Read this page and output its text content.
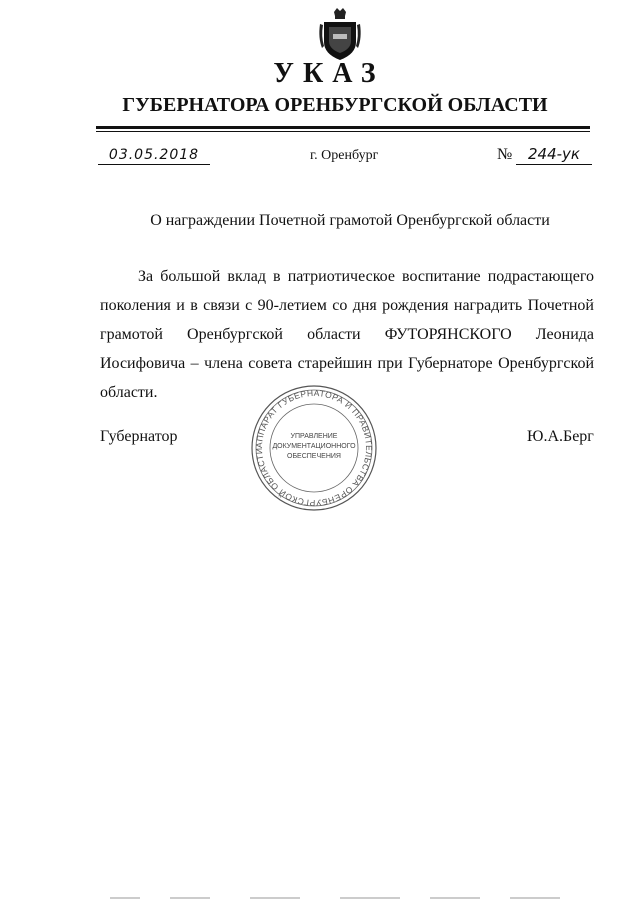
УКАЗ
ГУБЕРНАТОРА ОРЕНБУРГСКОЙ ОБЛАСТИ
03.05.2018	г. Оренбург	№	244-ук
О награждении Почетной грамотой Оренбургской области

За большой вклад в патриотическое воспитание подрастающего поколения и в связи с 90-летием со дня рождения наградить Почетной грамотой Оренбургской области ФУТОРЯНСКОГО Леонида Иосифовича – члена совета старейшин при Губернаторе Оренбургской области.

Губернатор	Ю.А.Берг
АППАРАТ ГУБЕРНАТОРА И ПРАВИТЕЛЬСТВА ОРЕНБУРГСКОЙ ОБЛАСТИ
УПРАВЛЕНИЕ
ДОКУМЕНТАЦИОННОГО
ОБЕСПЕЧЕНИЯ
